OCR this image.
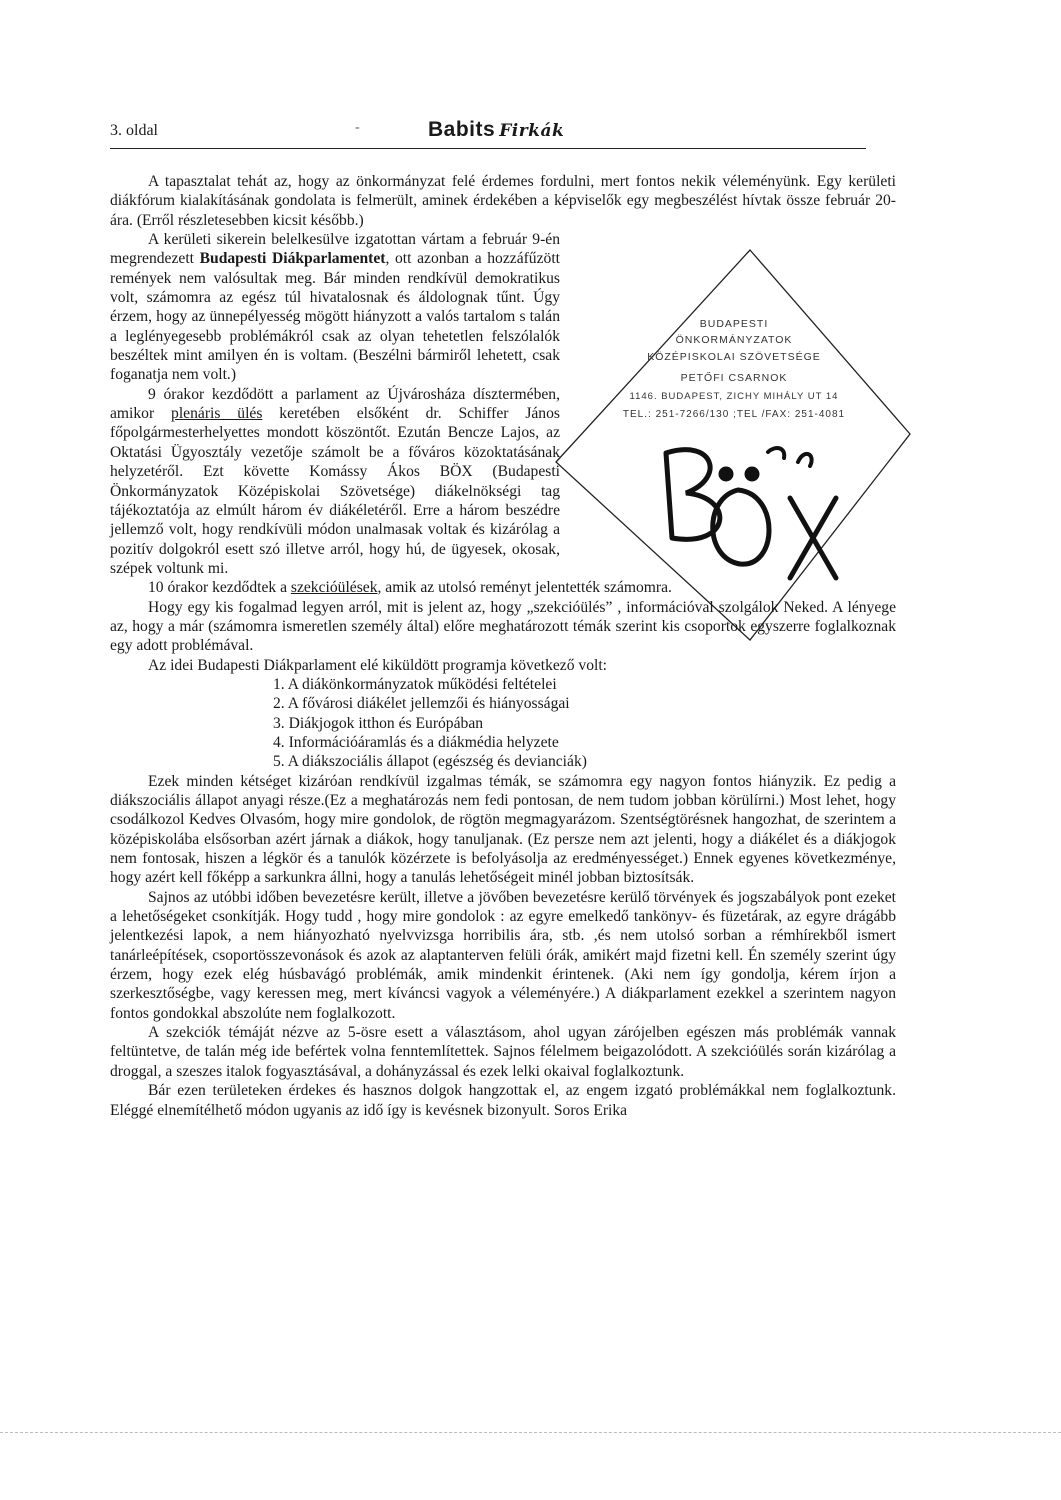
3. oldal	-	Babits Firkák
BUDAPESTI
ÖNKORMÁNYZATOK
KÖZÉPISKOLAI SZÖVETSÉGE
PETŐFI CSARNOK
1146. BUDAPEST, ZICHY MIHÁLY UT 14
TEL.: 251-7266/130 ;TEL /FAX: 251-4081

A tapasztalat tehát az, hogy az önkormányzat felé érdemes fordulni, mert fontos nekik véleményünk. Egy kerületi diákfórum kialakításának gondolata is felmerült, aminek érdekében a képviselők egy megbeszélést hívtak össze február 20-ára. (Erről részletesebben kicsit később.)

A kerületi sikerein belelkesülve izgatottan vártam a február 9-én megrendezett Budapesti Diákparlamentet, ott azonban a hozzáfűzött remények nem valósultak meg. Bár minden rendkívül demokratikus volt, számomra az egész túl hivatalosnak és áldolognak tűnt. Úgy érzem, hogy az ünnepélyesség mögött hiányzott a valós tartalom s talán a leglényegesebb problémákról csak az olyan tehetetlen felszólalók beszéltek mint amilyen én is voltam. (Beszélni bármiről lehetett, csak foganatja nem volt.)

9 órakor kezdődött a parlament az Újvárosháza dísztermében, amikor plenáris ülés keretében elsőként dr. Schiffer János főpolgármesterhelyettes mondott köszöntőt. Ezután Bencze Lajos, az Oktatási Ügyosztály vezetője számolt be a főváros közoktatásának helyzetéről. Ezt követte Komássy Ákos BÖX (Budapesti Önkormányzatok Középiskolai Szövetsége) diákelnökségi tag tájékoztatója az elmúlt három év diákéletéről. Erre a három beszédre jellemző volt, hogy rendkívüli módon unalmasak voltak és kizárólag a pozitív dolgokról esett szó illetve arról, hogy hú, de ügyesek, okosak, szépek voltunk mi.

10 órakor kezdődtek a szekcióülések, amik az utolsó reményt jelentették számomra.

Hogy egy kis fogalmad legyen arról, mit is jelent az, hogy „szekcióülés” , információval szolgálok Neked. A lényege az, hogy a már (számomra ismeretlen személy által) előre meghatározott témák szerint kis csoportok egyszerre foglalkoznak egy adott problémával.

Az idei Budapesti Diákparlament elé kiküldött programja következő volt:

1. A diákönkormányzatok működési feltételei
2. A fővárosi diákélet jellemzői és hiányosságai
3. Diákjogok itthon és Európában
4. Információáramlás és a diákmédia helyzete
5. A diákszociális állapot (egészség és devianciák)

Ezek minden kétséget kizáróan rendkívül izgalmas témák, se számomra egy nagyon fontos hiányzik. Ez pedig a diákszociális állapot anyagi része.(Ez a meghatározás nem fedi pontosan, de nem tudom jobban körülírni.) Most lehet, hogy csodálkozol Kedves Olvasóm, hogy mire gondolok, de rögtön megmagyarázom. Szentségtörésnek hangozhat, de szerintem a középiskolába elsősorban azért járnak a diákok, hogy tanuljanak. (Ez persze nem azt jelenti, hogy a diákélet és a diákjogok nem fontosak, hiszen a légkör és a tanulók közérzete is befolyásolja az eredményességet.) Ennek egyenes következménye, hogy azért kell főképp a sarkunkra állni, hogy a tanulás lehetőségeit minél jobban biztosítsák.

Sajnos az utóbbi időben bevezetésre került, illetve a jövőben bevezetésre kerülő törvények és jogszabályok pont ezeket a lehetőségeket csonkítják. Hogy tudd , hogy mire gondolok : az egyre emelkedő tankönyv- és füzetárak, az egyre drágább jelentkezési lapok, a nem hiányozható nyelvvizsga horribilis ára, stb. ,és nem utolsó sorban a rémhírekből ismert tanárleépítések, csoportösszevonások és azok az alaptanterven felüli órák, amikért majd fizetni kell. Én személy szerint úgy érzem, hogy ezek elég húsbavágó problémák, amik mindenkit érintenek. (Aki nem így gondolja, kérem írjon a szerkesztőségbe, vagy keressen meg, mert kíváncsi vagyok a véleményére.) A diákparlament ezekkel a szerintem nagyon fontos gondokkal abszolúte nem foglalkozott.

A szekciók témáját nézve az 5-ösre esett a választásom, ahol ugyan zárójelben egészen más problémák vannak feltüntetve, de talán még ide befértek volna fenntemlítettek. Sajnos félelmem beigazolódott. A szekcióülés során kizárólag a droggal, a szeszes italok fogyasztásával, a dohányzással és ezek lelki okaival foglalkoztunk.

Bár ezen területeken érdekes és hasznos dolgok hangzottak el, az engem izgató problémákkal nem foglalkoztunk. Eléggé elnemítélhető módon ugyanis az idő így is kevésnek bizonyult. Soros Erika
